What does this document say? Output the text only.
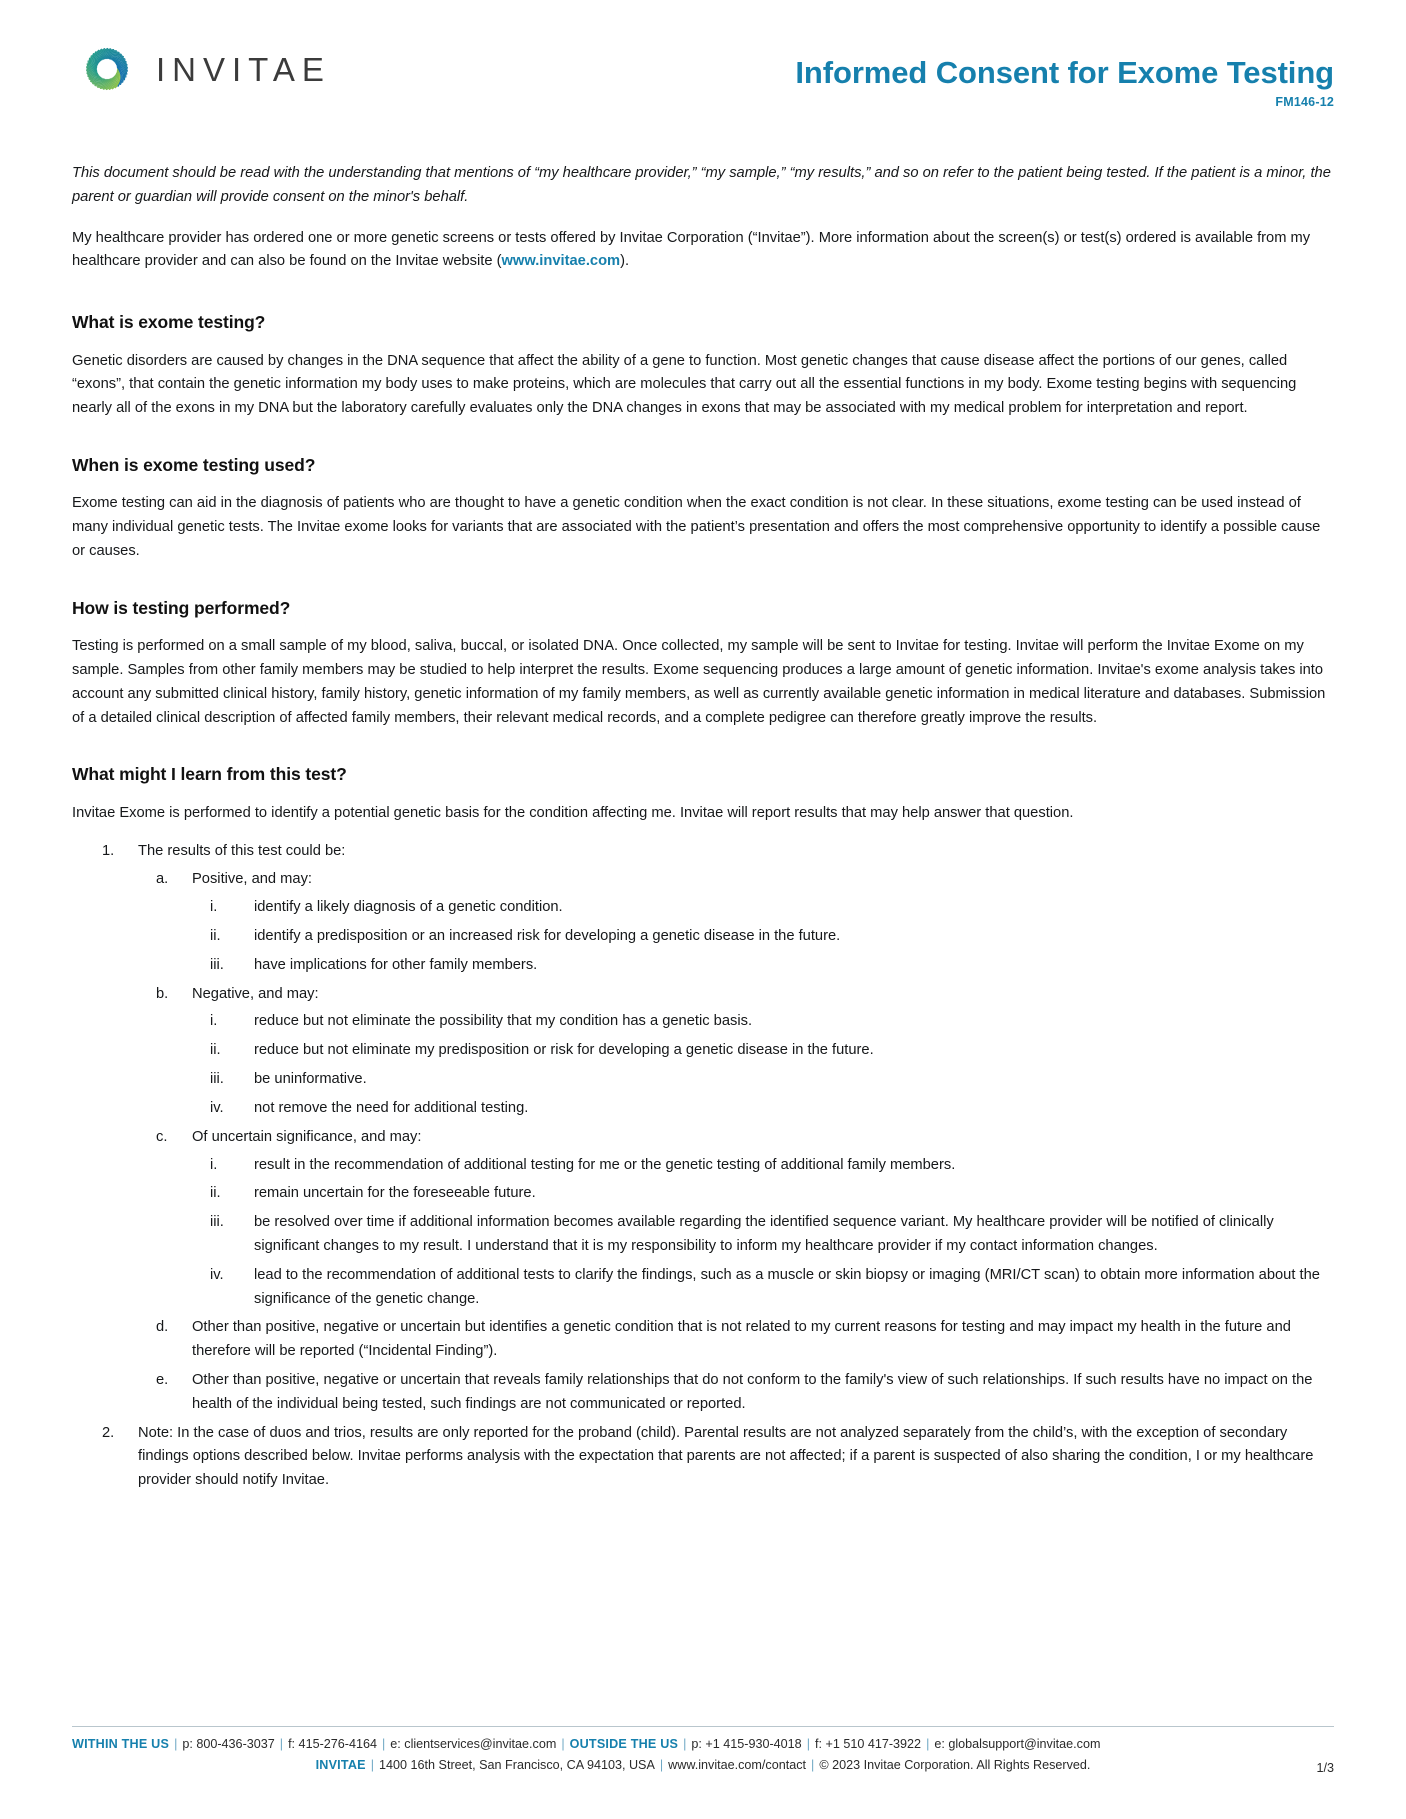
INVITAE	Informed Consent for Exome Testing
FM146-12

This document should be read with the understanding that mentions of “my healthcare provider,” “my sample,” “my results,” and so on refer to the patient being tested. If the patient is a minor, the parent or guardian will provide consent on the minor's behalf.

My healthcare provider has ordered one or more genetic screens or tests offered by Invitae Corporation (“Invitae”). More information about the screen(s) or test(s) ordered is available from my healthcare provider and can also be found on the Invitae website (www.invitae.com).

What is exome testing?

Genetic disorders are caused by changes in the DNA sequence that affect the ability of a gene to function. Most genetic changes that cause disease affect the portions of our genes, called “exons”, that contain the genetic information my body uses to make proteins, which are molecules that carry out all the essential functions in my body. Exome testing begins with sequencing nearly all of the exons in my DNA but the laboratory carefully evaluates only the DNA changes in exons that may be associated with my medical problem for interpretation and report.

When is exome testing used?

Exome testing can aid in the diagnosis of patients who are thought to have a genetic condition when the exact condition is not clear. In these situations, exome testing can be used instead of many individual genetic tests. The Invitae exome looks for variants that are associated with the patient’s presentation and offers the most comprehensive opportunity to identify a possible cause or causes.

How is testing performed?

Testing is performed on a small sample of my blood, saliva, buccal, or isolated DNA. Once collected, my sample will be sent to Invitae for testing. Invitae will perform the Invitae Exome on my sample. Samples from other family members may be studied to help interpret the results. Exome sequencing produces a large amount of genetic information. Invitae's exome analysis takes into account any submitted clinical history, family history, genetic information of my family members, as well as currently available genetic information in medical literature and databases. Submission of a detailed clinical description of affected family members, their relevant medical records, and a complete pedigree can therefore greatly improve the results.

What might I learn from this test?

Invitae Exome is performed to identify a potential genetic basis for the condition affecting me. Invitae will report results that may help answer that question.

The results of this test could be:
Positive, and may:
identify a likely diagnosis of a genetic condition.
identify a predisposition or an increased risk for developing a genetic disease in the future.
have implications for other family members.
Negative, and may:
reduce but not eliminate the possibility that my condition has a genetic basis.
reduce but not eliminate my predisposition or risk for developing a genetic disease in the future.
be uninformative.
not remove the need for additional testing.
Of uncertain significance, and may:
result in the recommendation of additional testing for me or the genetic testing of additional family members.
remain uncertain for the foreseeable future.
be resolved over time if additional information becomes available regarding the identified sequence variant. My healthcare provider will be notified of clinically significant changes to my result. I understand that it is my responsibility to inform my healthcare provider if my contact information changes.
lead to the recommendation of additional tests to clarify the findings, such as a muscle or skin biopsy or imaging (MRI/CT scan) to obtain more information about the significance of the genetic change.
Other than positive, negative or uncertain but identifies a genetic condition that is not related to my current reasons for testing and may impact my health in the future and therefore will be reported (“Incidental Finding”).
Other than positive, negative or uncertain that reveals family relationships that do not conform to the family's view of such relationships. If such results have no impact on the health of the individual being tested, such findings are not communicated or reported.
Note: In the case of duos and trios, results are only reported for the proband (child). Parental results are not analyzed separately from the child’s, with the exception of secondary findings options described below. Invitae performs analysis with the expectation that parents are not affected; if a parent is suspected of also sharing the condition, I or my healthcare provider should notify Invitae.
WITHIN THE US | p: 800-436-3037 | f: 415-276-4164 | e: clientservices@invitae.com | OUTSIDE THE US | p: +1 415-930-4018 | f: +1 510 417-3922 | e: globalsupport@invitae.com
INVITAE | 1400 16th Street, San Francisco, CA 94103, USA | www.invitae.com/contact | © 2023 Invitae Corporation. All Rights Reserved.	1/3
